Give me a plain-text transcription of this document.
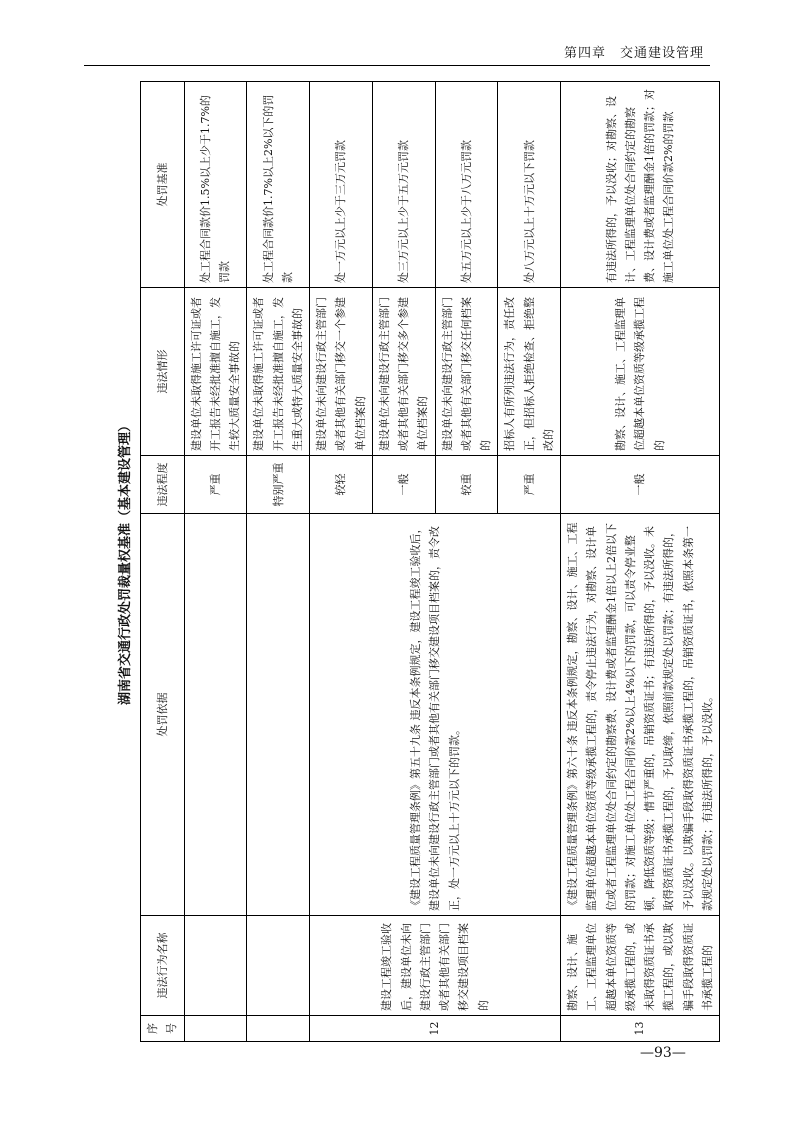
第四章　交通建设管理
湖南省交通行政处罚裁量权基准（基本建设管理）
序号	违法行为名称	处罚依据	违法程度	违法情形	处罚基准
			严重	建设单位未取得施工许可证或者开工报告未经批准擅自施工，发生较大质量安全事故的	处工程合同款价1.5%以上少于1.7%的罚款
			特别严重	建设单位未取得施工许可证或者开工报告未经批准擅自施工，发生重大或特大质量安全事故的	处工程合同款价1.7%以上2%以下的罚款
12	建设工程竣工验收后，建设单位未向建设行政主管部门或者其他有关部门移交建设项目档案的	《建设工程质量管理条例》第五十九条 违反本条例规定，建设工程竣工验收后，建设单位未向建设行政主管部门或者其他有关部门移交建设项目档案的，责令改正，处一万元以上十万元以下的罚款。	较轻	建设单位未向建设行政主管部门或者其他有关部门移交一个参建单位档案的	处一万元以上少于三万元罚款
			一般	建设单位未向建设行政主管部门或者其他有关部门移交多个参建单位档案的	处三万元以上少于五万元罚款
			较重	建设单位未向建设行政主管部门或者其他有关部门移交任何档案的	处五万元以上少于八万元罚款
			严重	招标人有所列违法行为，责任改正，但招标人拒绝检查、拒绝整改的	处八万元以上十万元以下罚款
13	勘察、设计、施工、工程监理单位超越本单位资质等级承揽工程的，或未取得资质证书承揽工程的，或以欺骗手段取得资质证书承揽工程的	《建设工程质量管理条例》第六十条 违反本条例规定，勘察、设计、施工、工程监理单位超越本单位资质等级承揽工程的，责令停止违法行为，对勘察、设计单位或者工程监理单位处合同约定的勘察费、设计费或者监理酬金1倍以上2倍以下的罚款；对施工单位处工程合同价款2%以上4%以下的罚款，可以责令停业整顿，降低资质等级；情节严重的，吊销资质证书；有违法所得的，予以没收。未取得资质证书承揽工程的，予以取缔，依照前款规定处以罚款；有违法所得的，予以没收。以欺骗手段取得资质证书承揽工程的，吊销资质证书，依照本条第一款规定处以罚款；有违法所得的，予以没收。	一般	勘察、设计、施工、工程监理单位超越本单位资质等级承揽工程的	有违法所得的，予以没收；对勘察、设计、工程监理单位处合同约定的勘察费、设计费或者监理酬金1倍的罚款；对施工单位处工程合同价款2%的罚款
—93—
